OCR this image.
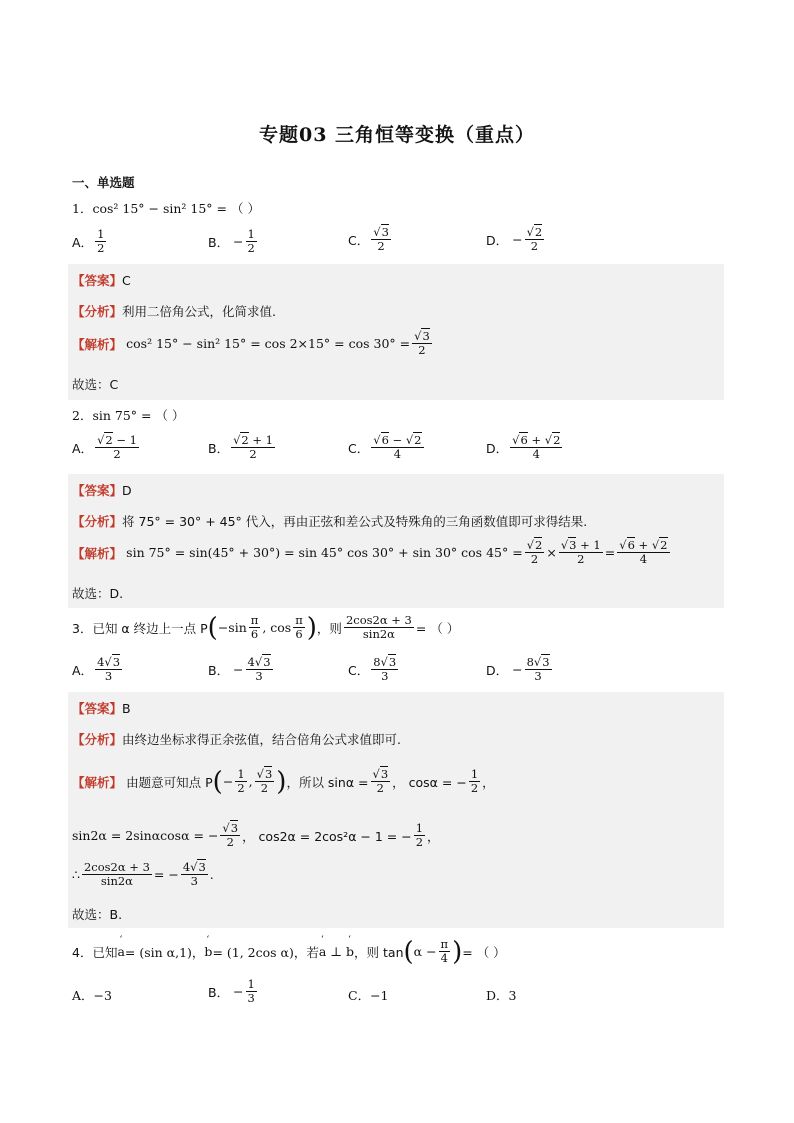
专题03 三角恒等变换（重点）
一、单选题
1．cos² 15° − sin² 15° = （ ）
A． $\frac{1}{2}$	B． − $\frac{1}{2}$	C． $\frac{√3}{2}$	D． − $\frac{√2}{2}$
【答案】 C
【分析】 利用二倍角公式，化简求值.
【解析】
cos² 15° − sin² $15^\circ = \cos 2\times 15^\circ = \cos 30^\circ = \frac{√3}{2}$
故选：C
2．sin 75° = （ ）
A． $\frac{√2 - 1}{2}$	B． $\frac{√2 + 1}{2}$	C． $\frac{√6 - √2}{4}$	D． $\frac{√6 + √2}{4}$
【答案】 D
【分析】 将 75° = 30° + 45° 代入，再由正弦和差公式及特殊角的三角函数值即可求得结果.
【解析】
sin 75° = sin(45° + 30°) = sin 45° cos 30° + sin 30° $\cos 45^\circ = \frac{√2}{2} \times \frac{√3 + 1}{2} = \frac{√6 + √2}{4}$
故选：D.
3．已知 α 终边上一点 P ( $-\sin \frac{\pi}{6}$ , $\cos \frac{\pi}{6}$ ) ，则 $\frac{2\cos 2\alpha + 3}{\sin 2\alpha}$ = （ ）
A． $\frac{4√3}{3}$	B． − $\frac{4√3}{3}$	C． $\frac{8√3}{3}$	D． − $\frac{8√3}{3}$
【答案】 B
【分析】 由终边坐标求得正余弦值，结合倍角公式求值即可.
【解析】
由题意可知点 P ( − $\frac{1}{2}$ , $\frac{√3}{2}$ ) ，所以 $\sin\alpha = \frac{√3}{2}$ ， cosα = − $\frac{1}{2}$ ，
sin2α = 2sinαcosα = − $\frac{√3}{2}$ ， cos2α = 2cos²α − 1 = − $\frac{1}{2}$ ，
∴ $\frac{2\cos 2\alpha + 3}{\sin 2\alpha}$ = − $\frac{4√3}{3}$ .
故选：B.
4．已知 ‘ a = (sin α,1)， ‘ b = (1, 2cos α)，若 ‘ a ⊥ ‘ b ，则 tan ( $\alpha - \frac{\pi}{4}$ ) = （ ）
A．−3	B． − $\frac{1}{3}$	C．−1	D．3
